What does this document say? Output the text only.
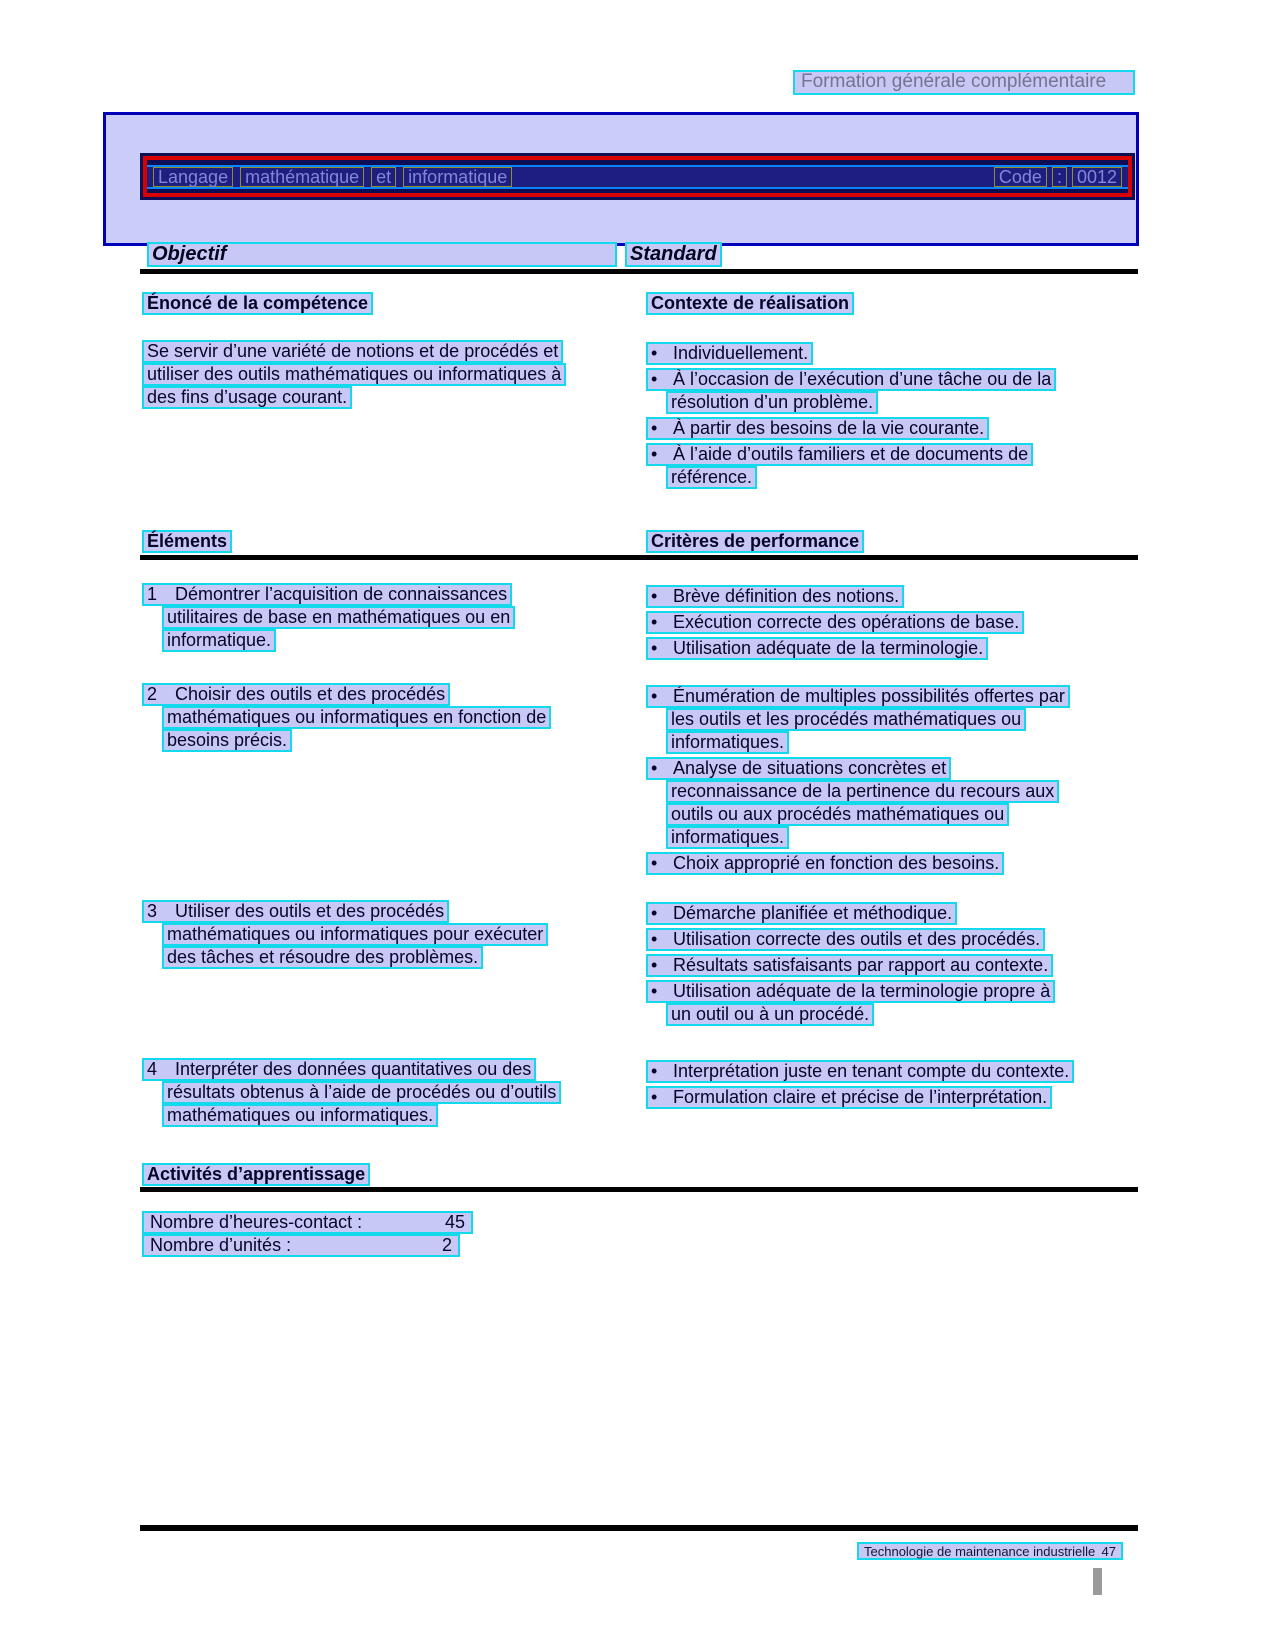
Formation générale complémentaire
Langage mathématique et informatique	Code : 0012
Objectif	Standard
Énoncé de la compétence	Contexte de réalisation
Se servir d’une variété de notions et de procédés et
utiliser des outils mathématiques ou informatiques à
des fins d’usage courant.
• Individuellement.
• À l’occasion de l’exécution d’une tâche ou de la
résolution d’un problème.
• À partir des besoins de la vie courante.
• À l’aide d’outils familiers et de documents de
référence.
Éléments	Critères de performance
1 Démontrer l’acquisition de connaissances
utilitaires de base en mathématiques ou en
informatique.
• Brève définition des notions.
• Exécution correcte des opérations de base.
• Utilisation adéquate de la terminologie.
2 Choisir des outils et des procédés
mathématiques ou informatiques en fonction de
besoins précis.
• Énumération de multiples possibilités offertes par
les outils et les procédés mathématiques ou
informatiques.
• Analyse de situations concrètes et
reconnaissance de la pertinence du recours aux
outils ou aux procédés mathématiques ou
informatiques.
• Choix approprié en fonction des besoins.
3 Utiliser des outils et des procédés
mathématiques ou informatiques pour exécuter
des tâches et résoudre des problèmes.
• Démarche planifiée et méthodique.
• Utilisation correcte des outils et des procédés.
• Résultats satisfaisants par rapport au contexte.
• Utilisation adéquate de la terminologie propre à
un outil ou à un procédé.
4 Interpréter des données quantitatives ou des
résultats obtenus à l’aide de procédés ou d’outils
mathématiques ou informatiques.
• Interprétation juste en tenant compte du contexte.
• Formulation claire et précise de l’interprétation.
Activités d’apprentissage
Nombre d’heures-contact :	45
Nombre d’unités :	2
Technologie de maintenance industrielle 47
